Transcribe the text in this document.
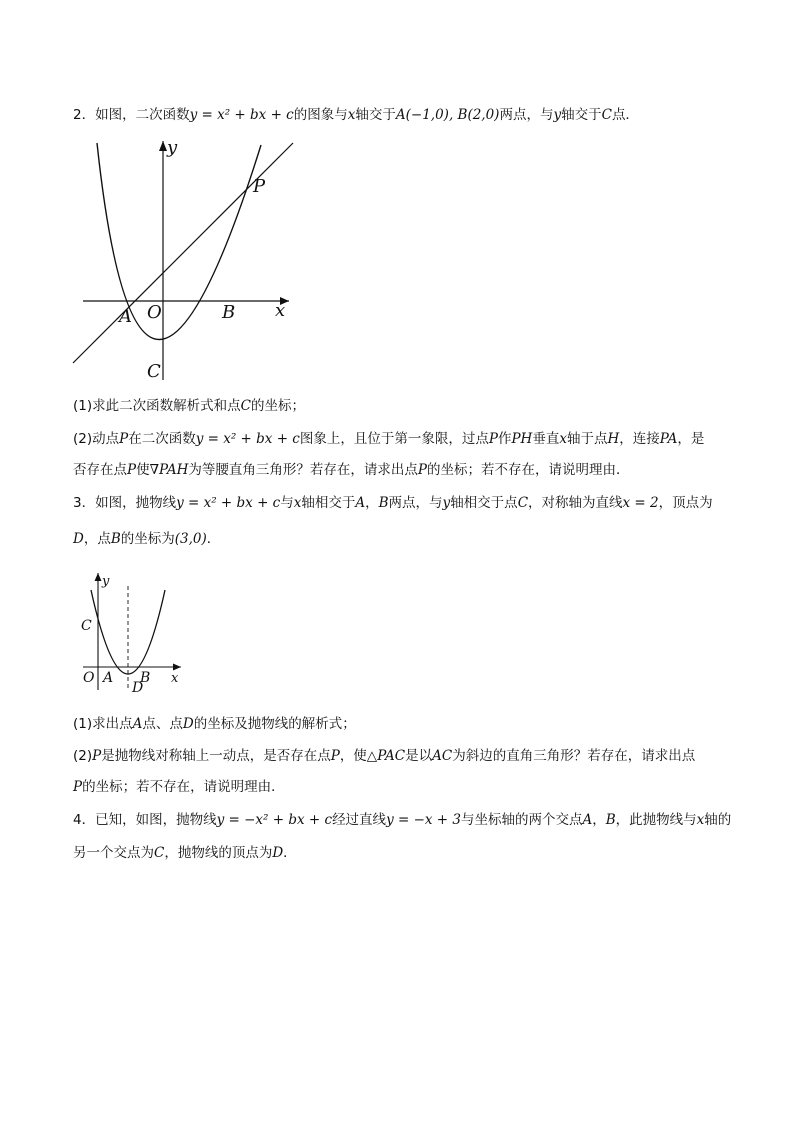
2．如图，二次函数y = x² + bx + c的图象与x轴交于A(−1,0), B(2,0)两点，与y轴交于C点．
y
P
A O	B x
C
(1)求此二次函数解析式和点C的坐标；
(2)动点P在二次函数y = x² + bx + c图象上，且位于第一象限，过点P作PH垂直x轴于点H，连接PA，是
否存在点P使∇PAH为等腰直角三角形？若存在，请求出点P的坐标；若不存在，请说明理由．
3．如图，抛物线y = x² + bx + c与x轴相交于A，B两点，与y轴相交于点C，对称轴为直线x = 2，顶点为
D，点B的坐标为(3,0)．
y
C
O A B
D
x
(1)求出点A点、点D的坐标及抛物线的解析式；
(2)P是抛物线对称轴上一动点，是否存在点P，使△PAC是以AC为斜边的直角三角形？若存在，请求出点
P的坐标；若不存在，请说明理由．
4．已知，如图，抛物线y = −x² + bx + c经过直线y = −x + 3与坐标轴的两个交点A，B，此抛物线与x轴的
另一个交点为C，抛物线的顶点为D．
